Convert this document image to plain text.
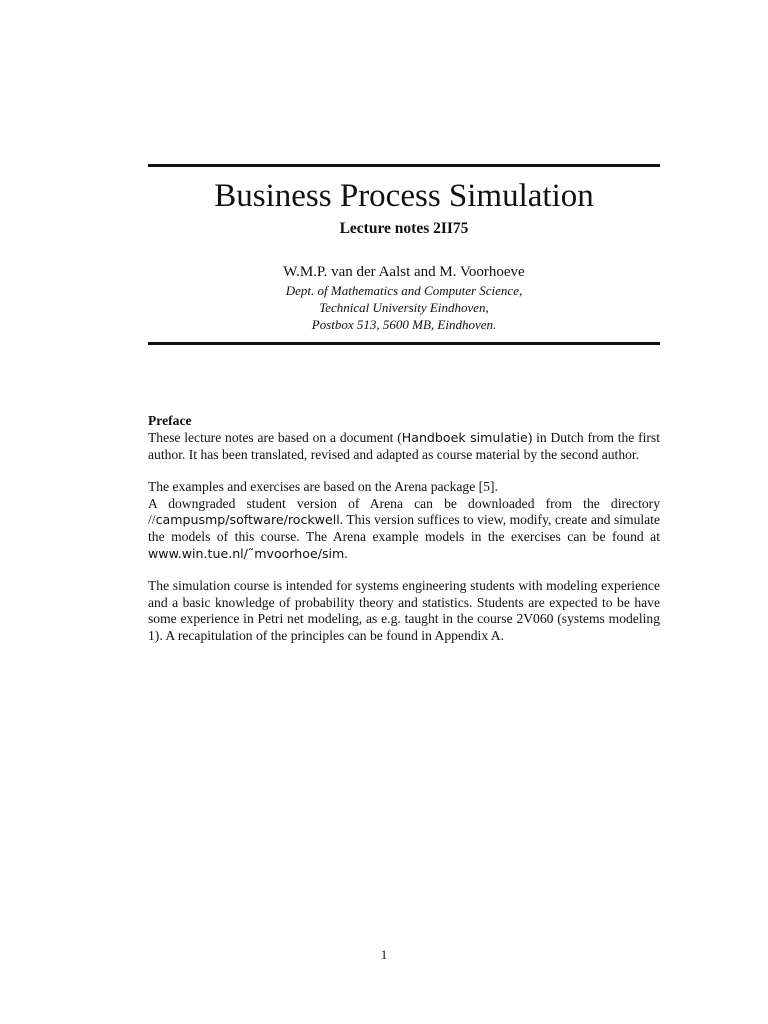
Business Process Simulation
Lecture notes 2II75
W.M.P. van der Aalst and M. Voorhoeve
Dept. of Mathematics and Computer Science,
Technical University Eindhoven,
Postbox 513, 5600 MB, Eindhoven.
Preface

These lecture notes are based on a document (Handboek simulatie) in Dutch from the first author. It has been translated, revised and adapted as course material by the second author.

The examples and exercises are based on the Arena package [5].
A downgraded student version of Arena can be downloaded from the directory //campusmp/software/rockwell. This version suffices to view, modify, create and simulate the models of this course. The Arena example models in the exercises can be found at www.win.tue.nl/˜mvoorhoe/sim.

The simulation course is intended for systems engineering students with modeling experience and a basic knowledge of probability theory and statistics. Students are expected to be have some experience in Petri net modeling, as e.g. taught in the course 2V060 (systems modeling 1). A recapitulation of the principles can be found in Appendix A.

1
